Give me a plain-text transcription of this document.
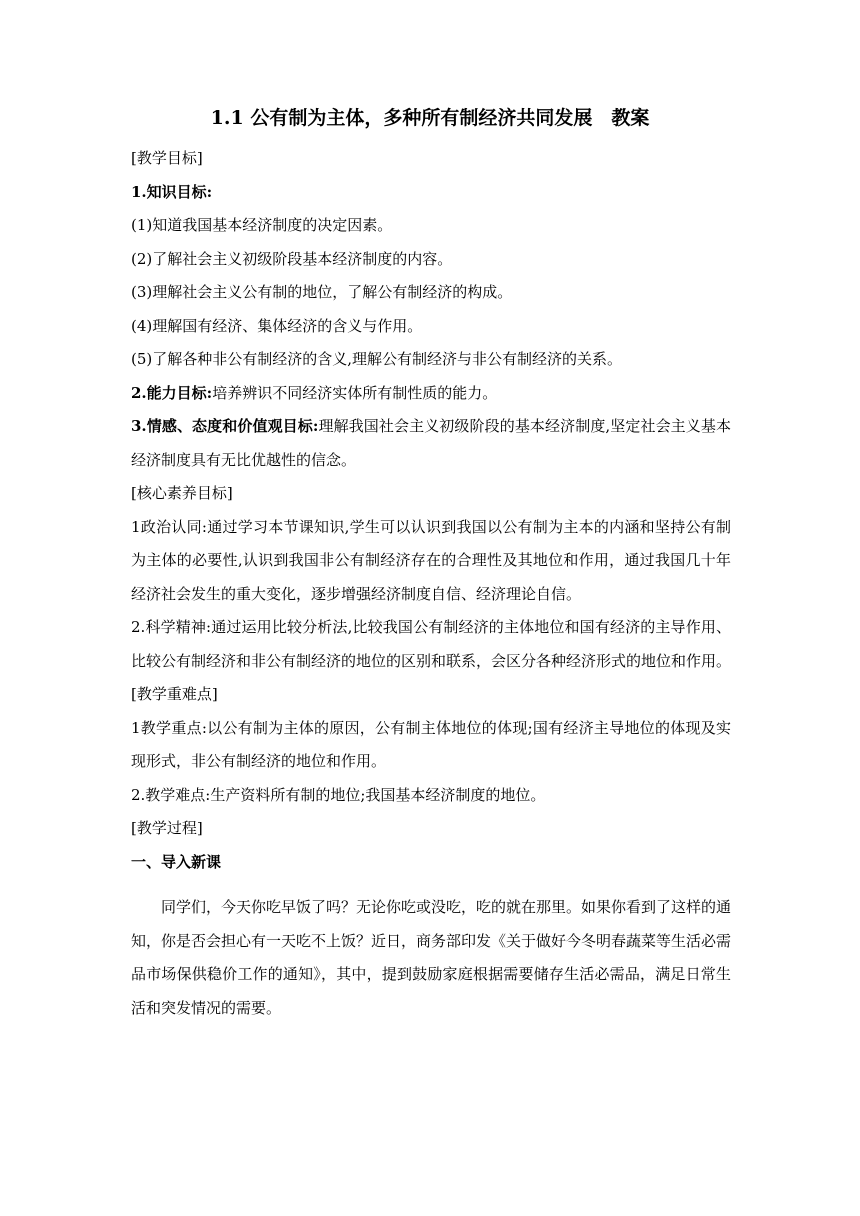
1.1 公有制为主体，多种所有制经济共同发展　教案

[教学目标]

1.知识目标:

(1)知道我国基本经济制度的决定因素。

(2)了解社会主义初级阶段基本经济制度的内容。

(3)理解社会主义公有制的地位，了解公有制经济的构成。

(4)理解国有经济、集体经济的含义与作用。

(5)了解各种非公有制经济的含义,理解公有制经济与非公有制经济的关系。

2.能力目标:培养辨识不同经济实体所有制性质的能力。

3.情感、态度和价值观目标:理解我国社会主义初级阶段的基本经济制度,坚定社会主义基本经济制度具有无比优越性的信念。

[核心素养目标]

1政治认同:通过学习本节课知识,学生可以认识到我国以公有制为主本的内涵和坚持公有制为主体的必要性,认识到我国非公有制经济存在的合理性及其地位和作用，通过我国几十年经济社会发生的重大变化，逐步增强经济制度自信、经济理论自信。

2.科学精神:通过运用比较分析法,比较我国公有制经济的主体地位和国有经济的主导作用、比较公有制经济和非公有制经济的地位的区别和联系，会区分各种经济形式的地位和作用。

[教学重难点]

1教学重点:以公有制为主体的原因，公有制主体地位的体现;国有经济主导地位的体现及实现形式，非公有制经济的地位和作用。

2.教学难点:生产资料所有制的地位;我国基本经济制度的地位。

[教学过程]

一、导入新课

同学们，今天你吃早饭了吗？无论你吃或没吃，吃的就在那里。如果你看到了这样的通知，你是否会担心有一天吃不上饭？近日，商务部印发《关于做好今冬明春蔬菜等生活必需品市场保供稳价工作的通知》，其中，提到鼓励家庭根据需要储存生活必需品，满足日常生活和突发情况的需要。
